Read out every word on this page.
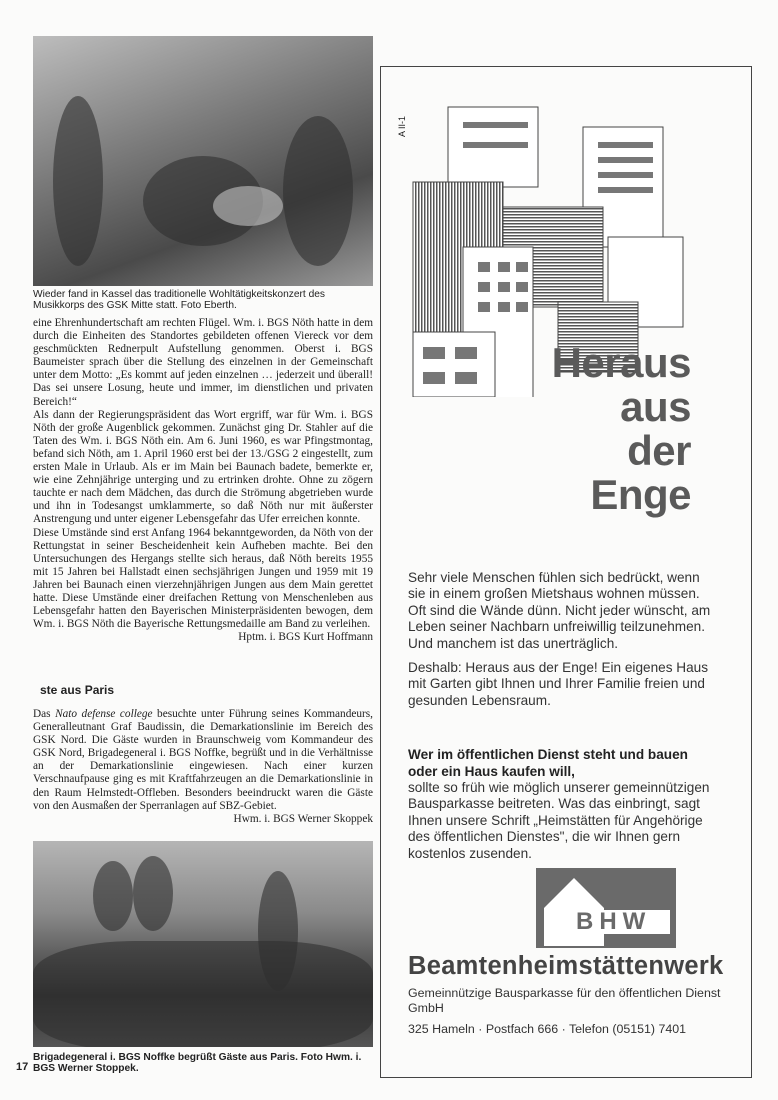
Wieder fand in Kassel das traditionelle Wohltätigkeitskonzert des Musikkorps des GSK Mitte statt. Foto Eberth.

eine Ehrenhundertschaft am rechten Flügel. Wm. i. BGS Nöth hatte in dem durch die Einheiten des Standortes gebildeten offenen Viereck vor dem geschmückten Rednerpult Aufstellung genommen. Oberst i. BGS Baumeister sprach über die Stellung des einzelnen in der Gemeinschaft unter dem Motto: „Es kommt auf jeden einzelnen … jederzeit und überall! Das sei unsere Losung, heute und immer, im dienstlichen und privaten Bereich!“

Als dann der Regierungspräsident das Wort ergriff, war für Wm. i. BGS Nöth der große Augenblick gekommen. Zunächst ging Dr. Stahler auf die Taten des Wm. i. BGS Nöth ein. Am 6. Juni 1960, es war Pfingstmontag, befand sich Nöth, am 1. April 1960 erst bei der 13./GSG 2 eingestellt, zum ersten Male in Urlaub. Als er im Main bei Baunach badete, bemerkte er, wie eine Zehnjährige unterging und zu ertrinken drohte. Ohne zu zögern tauchte er nach dem Mädchen, das durch die Strömung abgetrieben wurde und ihn in Todesangst umklammerte, so daß Nöth nur mit äußerster Anstrengung und unter eigener Lebensgefahr das Ufer erreichen konnte.

Diese Umstände sind erst Anfang 1964 bekanntgeworden, da Nöth von der Rettungstat in seiner Bescheidenheit kein Aufheben machte. Bei den Untersuchungen des Hergangs stellte sich heraus, daß Nöth bereits 1955 mit 15 Jahren bei Hallstadt einen sechsjährigen Jungen und 1959 mit 19 Jahren bei Baunach einen vierzehnjährigen Jungen aus dem Main gerettet hatte. Diese Umstände einer dreifachen Rettung von Menschenleben aus Lebensgefahr hatten den Bayerischen Ministerpräsidenten bewogen, dem Wm. i. BGS Nöth die Bayerische Rettungsmedaille am Band zu verleihen.

Hptm. i. BGS Kurt Hoffmann

ste aus Paris

Das Nato defense college besuchte unter Führung seines Kommandeurs, Generalleutnant Graf Baudissin, die Demarkationslinie im Bereich des GSK Nord. Die Gäste wurden in Braunschweig vom Kommandeur des GSK Nord, Brigadegeneral i. BGS Noffke, begrüßt und in die Verhältnisse an der Demarkationslinie eingewiesen. Nach einer kurzen Verschnaufpause ging es mit Kraftfahrzeugen an die Demarkationslinie in den Raum Helmstedt-Offleben. Besonders beeindruckt waren die Gäste von den Ausmaßen der Sperranlagen auf SBZ-Gebiet.

Hwm. i. BGS Werner Skoppek

Brigadegeneral i. BGS Noffke begrüßt Gäste aus Paris. Foto Hwm. i. BGS Werner Stoppek.
17
A II-1
Heraus
aus
der
Enge

Sehr viele Menschen fühlen sich bedrückt, wenn sie in einem großen Mietshaus wohnen müssen. Oft sind die Wände dünn. Nicht jeder wünscht, am Leben seiner Nachbarn unfreiwillig teilzunehmen. Und manchem ist das unerträglich.

Deshalb: Heraus aus der Enge! Ein eigenes Haus mit Garten gibt Ihnen und Ihrer Familie freien und gesunden Lebensraum.

Wer im öffentlichen Dienst steht und bauen oder ein Haus kaufen will,

sollte so früh wie möglich unserer gemeinnützigen Bausparkasse beitreten. Was das einbringt, sagt Ihnen unsere Schrift „Heimstätten für Angehörige des öffentlichen Dienstes", die wir Ihnen gern kostenlos zusenden.

BHW
Beamtenheimstättenwerk
Gemeinnützige Bausparkasse für den öffentlichen Dienst GmbH
325 Hameln · Postfach 666 · Telefon (05151) 7401
